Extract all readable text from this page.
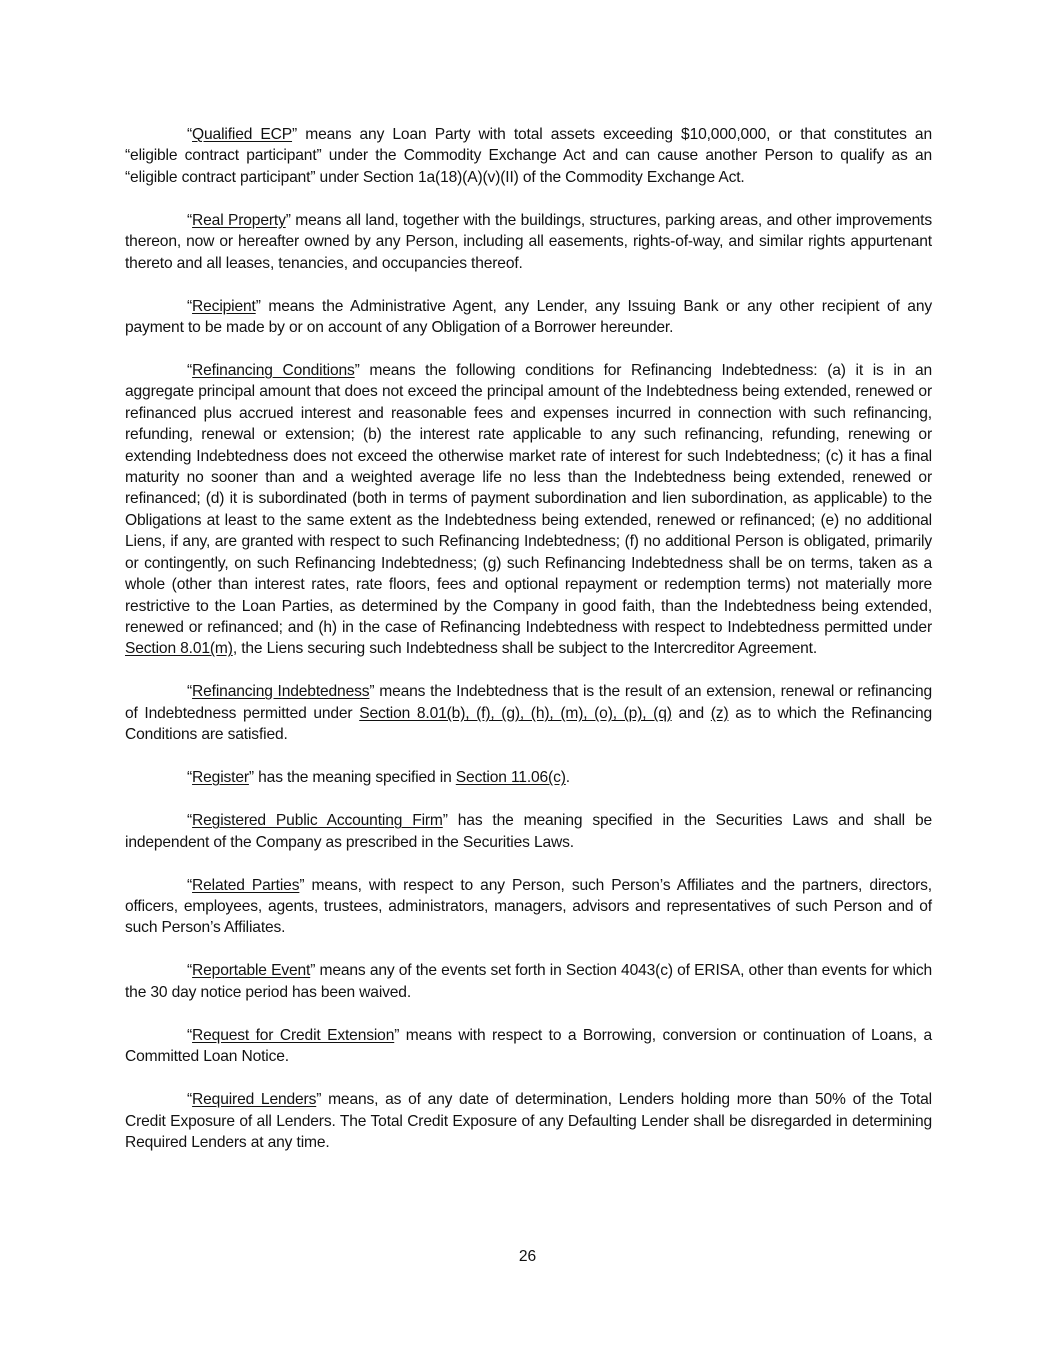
“Qualified ECP” means any Loan Party with total assets exceeding $10,000,000, or that constitutes an “eligible contract participant” under the Commodity Exchange Act and can cause another Person to qualify as an “eligible contract participant” under Section 1a(18)(A)(v)(II) of the Commodity Exchange Act.

“Real Property” means all land, together with the buildings, structures, parking areas, and other improvements thereon, now or hereafter owned by any Person, including all easements, rights-of-way, and similar rights appurtenant thereto and all leases, tenancies, and occupancies thereof.

“Recipient” means the Administrative Agent, any Lender, any Issuing Bank or any other recipient of any payment to be made by or on account of any Obligation of a Borrower hereunder.

“Refinancing Conditions” means the following conditions for Refinancing Indebtedness: (a) it is in an aggregate principal amount that does not exceed the principal amount of the Indebtedness being extended, renewed or refinanced plus accrued interest and reasonable fees and expenses incurred in connection with such refinancing, refunding, renewal or extension; (b) the interest rate applicable to any such refinancing, refunding, renewing or extending Indebtedness does not exceed the otherwise market rate of interest for such Indebtedness; (c) it has a final maturity no sooner than and a weighted average life no less than the Indebtedness being extended, renewed or refinanced; (d) it is subordinated (both in terms of payment subordination and lien subordination, as applicable) to the Obligations at least to the same extent as the Indebtedness being extended, renewed or refinanced; (e) no additional Liens, if any, are granted with respect to such Refinancing Indebtedness; (f) no additional Person is obligated, primarily or contingently, on such Refinancing Indebtedness; (g) such Refinancing Indebtedness shall be on terms, taken as a whole (other than interest rates, rate floors, fees and optional repayment or redemption terms) not materially more restrictive to the Loan Parties, as determined by the Company in good faith, than the Indebtedness being extended, renewed or refinanced; and (h) in the case of Refinancing Indebtedness with respect to Indebtedness permitted under Section 8.01(m), the Liens securing such Indebtedness shall be subject to the Intercreditor Agreement.

“Refinancing Indebtedness” means the Indebtedness that is the result of an extension, renewal or refinancing of Indebtedness permitted under Section 8.01(b), (f), (g), (h), (m), (o), (p), (q) and (z) as to which the Refinancing Conditions are satisfied.

“Register” has the meaning specified in Section 11.06(c).

“Registered Public Accounting Firm” has the meaning specified in the Securities Laws and shall be independent of the Company as prescribed in the Securities Laws.

“Related Parties” means, with respect to any Person, such Person’s Affiliates and the partners, directors, officers, employees, agents, trustees, administrators, managers, advisors and representatives of such Person and of such Person’s Affiliates.

“Reportable Event” means any of the events set forth in Section 4043(c) of ERISA, other than events for which the 30 day notice period has been waived.

“Request for Credit Extension” means with respect to a Borrowing, conversion or continuation of Loans, a Committed Loan Notice.

“Required Lenders” means, as of any date of determination, Lenders holding more than 50% of the Total Credit Exposure of all Lenders. The Total Credit Exposure of any Defaulting Lender shall be disregarded in determining Required Lenders at any time.

26
